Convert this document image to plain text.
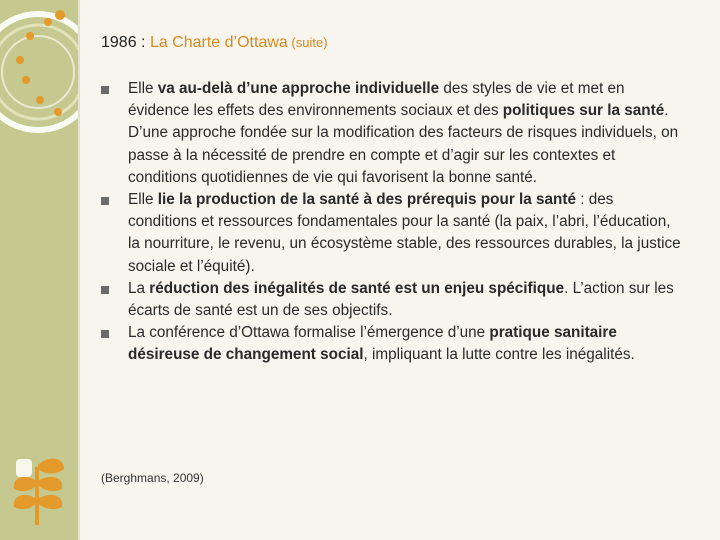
1986 : La Charte d’Ottawa (suite)
Elle va au-delà d’une approche individuelle des styles de vie et met en évidence les effets des environnements sociaux et des politiques sur la santé. D’une approche fondée sur la modification des facteurs de risques individuels, on passe à la nécessité de prendre en compte et d’agir sur les contextes et conditions quotidiennes de vie qui favorisent la bonne santé.
Elle lie la production de la santé à des prérequis pour la santé : des conditions et ressources fondamentales pour la santé (la paix, l’abri, l’éducation, la nourriture, le revenu, un écosystème stable, des ressources durables, la justice sociale et l’équité).
La réduction des inégalités de santé est un enjeu spécifique. L’action sur les écarts de santé est un de ses objectifs.
La conférence d’Ottawa formalise l’émergence d’une pratique sanitaire désireuse de changement social, impliquant la lutte contre les inégalités.
(Berghmans, 2009)
